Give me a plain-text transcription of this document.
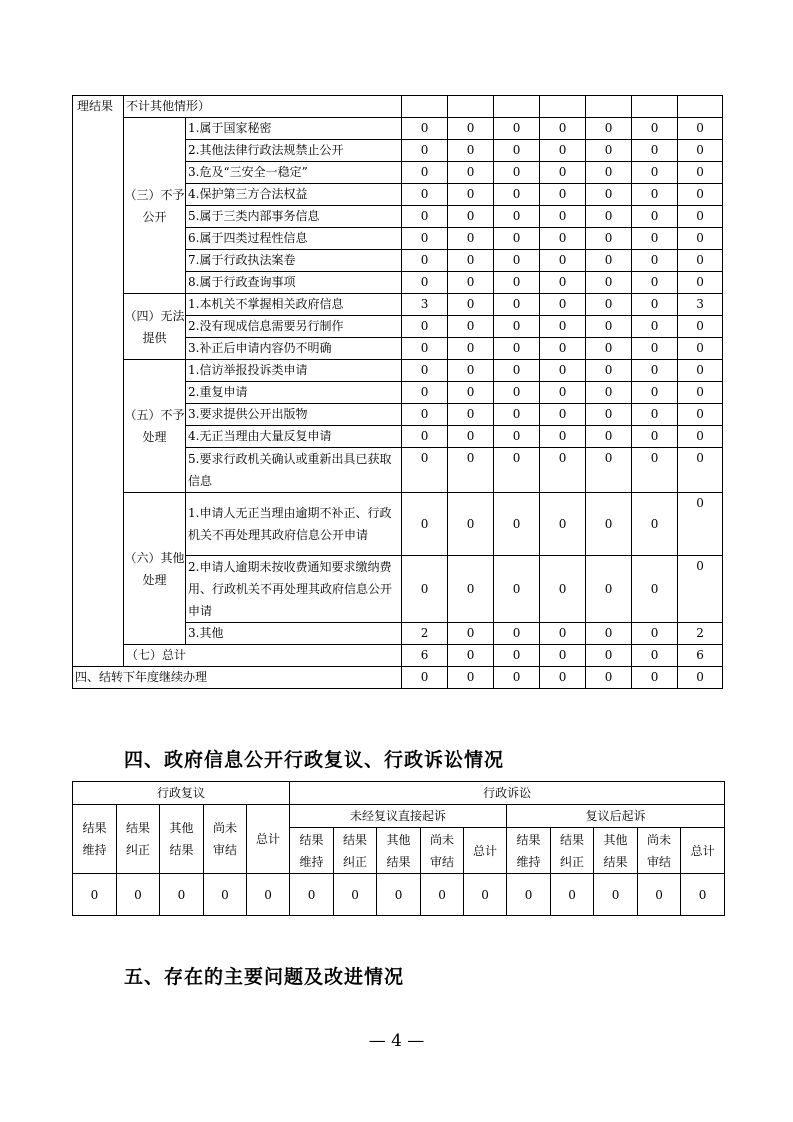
理结果	不计其他情形）								
	（三）不予公开	1.属于国家秘密	0	0	0	0	0	0	0
		2.其他法律行政法规禁止公开	0	0	0	0	0	0	0
		3.危及“三安全一稳定”	0	0	0	0	0	0	0
		4.保护第三方合法权益	0	0	0	0	0	0	0
		5.属于三类内部事务信息	0	0	0	0	0	0	0
		6.属于四类过程性信息	0	0	0	0	0	0	0
		7.属于行政执法案卷	0	0	0	0	0	0	0
		8.属于行政查询事项	0	0	0	0	0	0	0
	（四）无法提供	1.本机关不掌握相关政府信息	3	0	0	0	0	0	3
		2.没有现成信息需要另行制作	0	0	0	0	0	0	0
		3.补正后申请内容仍不明确	0	0	0	0	0	0	0
	（五）不予处理	1.信访举报投诉类申请	0	0	0	0	0	0	0
		2.重复申请	0	0	0	0	0	0	0
		3.要求提供公开出版物	0	0	0	0	0	0	0
		4.无正当理由大量反复申请	0	0	0	0	0	0	0
		5.要求行政机关确认或重新出具已获取信息	0	0	0	0	0	0	0
	（六）其他处理	1.申请人无正当理由逾期不补正、行政机关不再处理其政府信息公开申请	0	0	0	0	0	0	0
		2.申请人逾期未按收费通知要求缴纳费用、行政机关不再处理其政府信息公开申请	0	0	0	0	0	0	0
		3.其他	2	0	0	0	0	0	2
	（七）总计		6	0	0	0	0	0	6
四、结转下年度继续办理			0	0	0	0	0	0	0
四、政府信息公开行政复议、行政诉讼情况
行政复议					行政诉讼									
结果维持	结果纠正	其他结果	尚未审结	总计	未经复议直接起诉					复议后起诉				
					结果维持	结果纠正	其他结果	尚未审结	总计	结果维持	结果纠正	其他结果	尚未审结	总计
0	0	0	0	0	0	0	0	0	0	0	0	0	0	0
五、存在的主要问题及改进情况
— 4 —
